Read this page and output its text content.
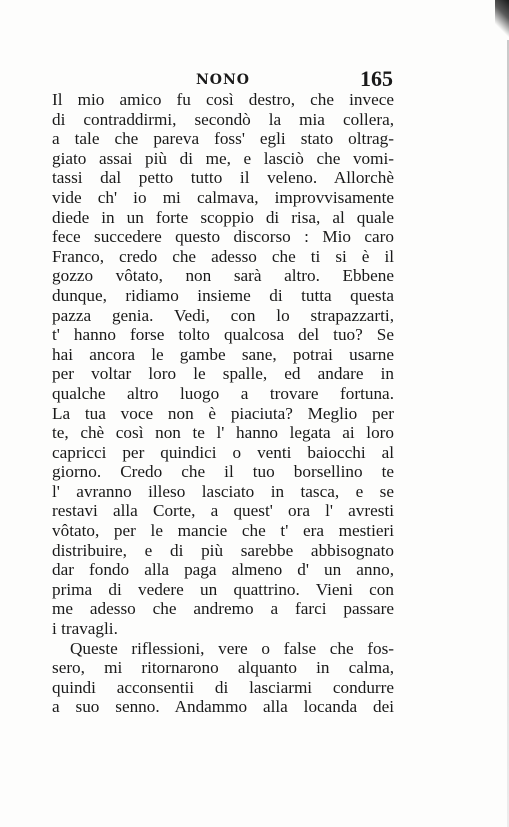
NONO	165
Il mio amico fu così destro, che invece
di contraddirmi, secondò la mia collera,
a tale che pareva foss' egli stato oltrag-
giato assai più di me, e lasciò che vomi-
tassi dal petto tutto il veleno. Allorchè
vide ch' io mi calmava, improvvisamente
diede in un forte scoppio di risa, al quale
fece succedere questo discorso : Mio caro
Franco, credo che adesso che ti si è il
gozzo vôtato, non sarà altro. Ebbene
dunque, ridiamo insieme di tutta questa
pazza genia. Vedi, con lo strapazzarti,
t' hanno forse tolto qualcosa del tuo? Se
hai ancora le gambe sane, potrai usarne
per voltar loro le spalle, ed andare in
qualche altro luogo a trovare fortuna.
La tua voce non è piaciuta? Meglio per
te, chè così non te l' hanno legata ai loro
capricci per quindici o venti baiocchi al
giorno. Credo che il tuo borsellino te
l' avranno illeso lasciato in tasca, e se
restavi alla Corte, a quest' ora l' avresti
vôtato, per le mancie che t' era mestieri
distribuire, e di più sarebbe abbisognato
dar fondo alla paga almeno d' un anno,
prima di vedere un quattrino. Vieni con
me adesso che andremo a farci passare
i travagli.
Queste riflessioni, vere o false che fos-
sero, mi ritornarono alquanto in calma,
quindi acconsentii di lasciarmi condurre
a suo senno. Andammo alla locanda dei
